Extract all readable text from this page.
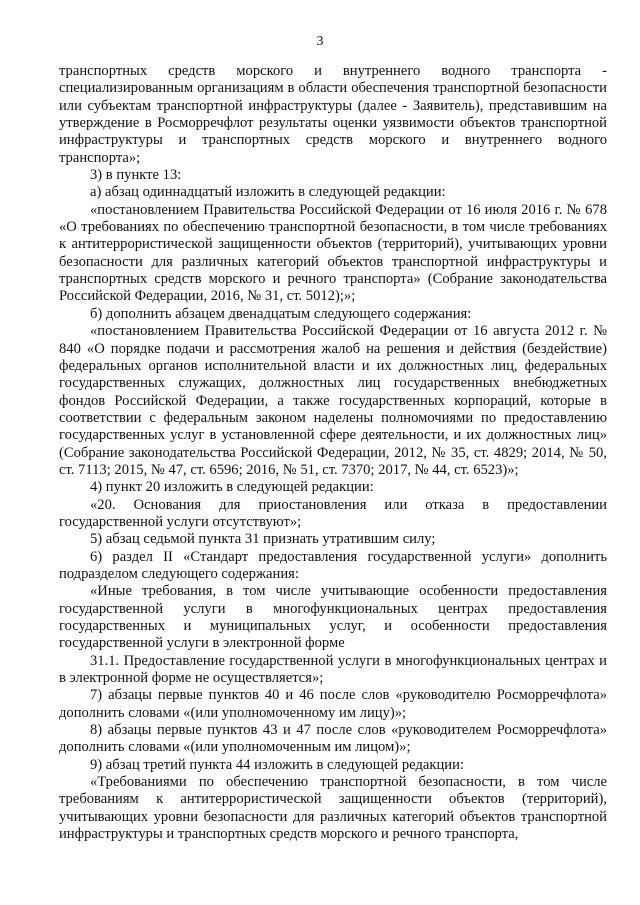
3

транспортных средств морского и внутреннего водного транспорта - специализированным организациям в области обеспечения транспортной безопасности или субъектам транспортной инфраструктуры (далее - Заявитель), представившим на утверждение в Росморречфлот результаты оценки уязвимости объектов транспортной инфраструктуры и транспортных средств морского и внутреннего водного транспорта»;

3) в пункте 13:

а) абзац одиннадцатый изложить в следующей редакции:

«постановлением Правительства Российской Федерации от 16 июля 2016 г. № 678 «О требованиях по обеспечению транспортной безопасности, в том числе требованиях к антитеррористической защищенности объектов (территорий), учитывающих уровни безопасности для различных категорий объектов транспортной инфраструктуры и транспортных средств морского и речного транспорта» (Собрание законодательства Российской Федерации, 2016, № 31, ст. 5012);»;

б) дополнить абзацем двенадцатым следующего содержания:

«постановлением Правительства Российской Федерации от 16 августа 2012 г. № 840 «О порядке подачи и рассмотрения жалоб на решения и действия (бездействие) федеральных органов исполнительной власти и их должностных лиц, федеральных государственных служащих, должностных лиц государственных внебюджетных фондов Российской Федерации, а также государственных корпораций, которые в соответствии с федеральным законом наделены полномочиями по предоставлению государственных услуг в установленной сфере деятельности, и их должностных лиц» (Собрание законодательства Российской Федерации, 2012, № 35, ст. 4829; 2014, № 50, ст. 7113; 2015, № 47, ст. 6596; 2016, № 51, ст. 7370; 2017, № 44, ст. 6523)»;

4) пункт 20 изложить в следующей редакции:

«20. Основания для приостановления или отказа в предоставлении государственной услуги отсутствуют»;

5) абзац седьмой пункта 31 признать утратившим силу;

6) раздел II «Стандарт предоставления государственной услуги» дополнить подразделом следующего содержания:

«Иные требования, в том числе учитывающие особенности предоставления государственной услуги в многофункциональных центрах предоставления государственных и муниципальных услуг, и особенности предоставления государственной услуги в электронной форме

31.1. Предоставление государственной услуги в многофункциональных центрах и в электронной форме не осуществляется»;

7) абзацы первые пунктов 40 и 46 после слов «руководителю Росморречфлота» дополнить словами «(или уполномоченному им лицу)»;

8) абзацы первые пунктов 43 и 47 после слов «руководителем Росморречфлота» дополнить словами «(или уполномоченным им лицом)»;

9) абзац третий пункта 44 изложить в следующей редакции:

«Требованиями по обеспечению транспортной безопасности, в том числе требованиям к антитеррористической защищенности объектов (территорий), учитывающих уровни безопасности для различных категорий объектов транспортной инфраструктуры и транспортных средств морского и речного транспорта,
